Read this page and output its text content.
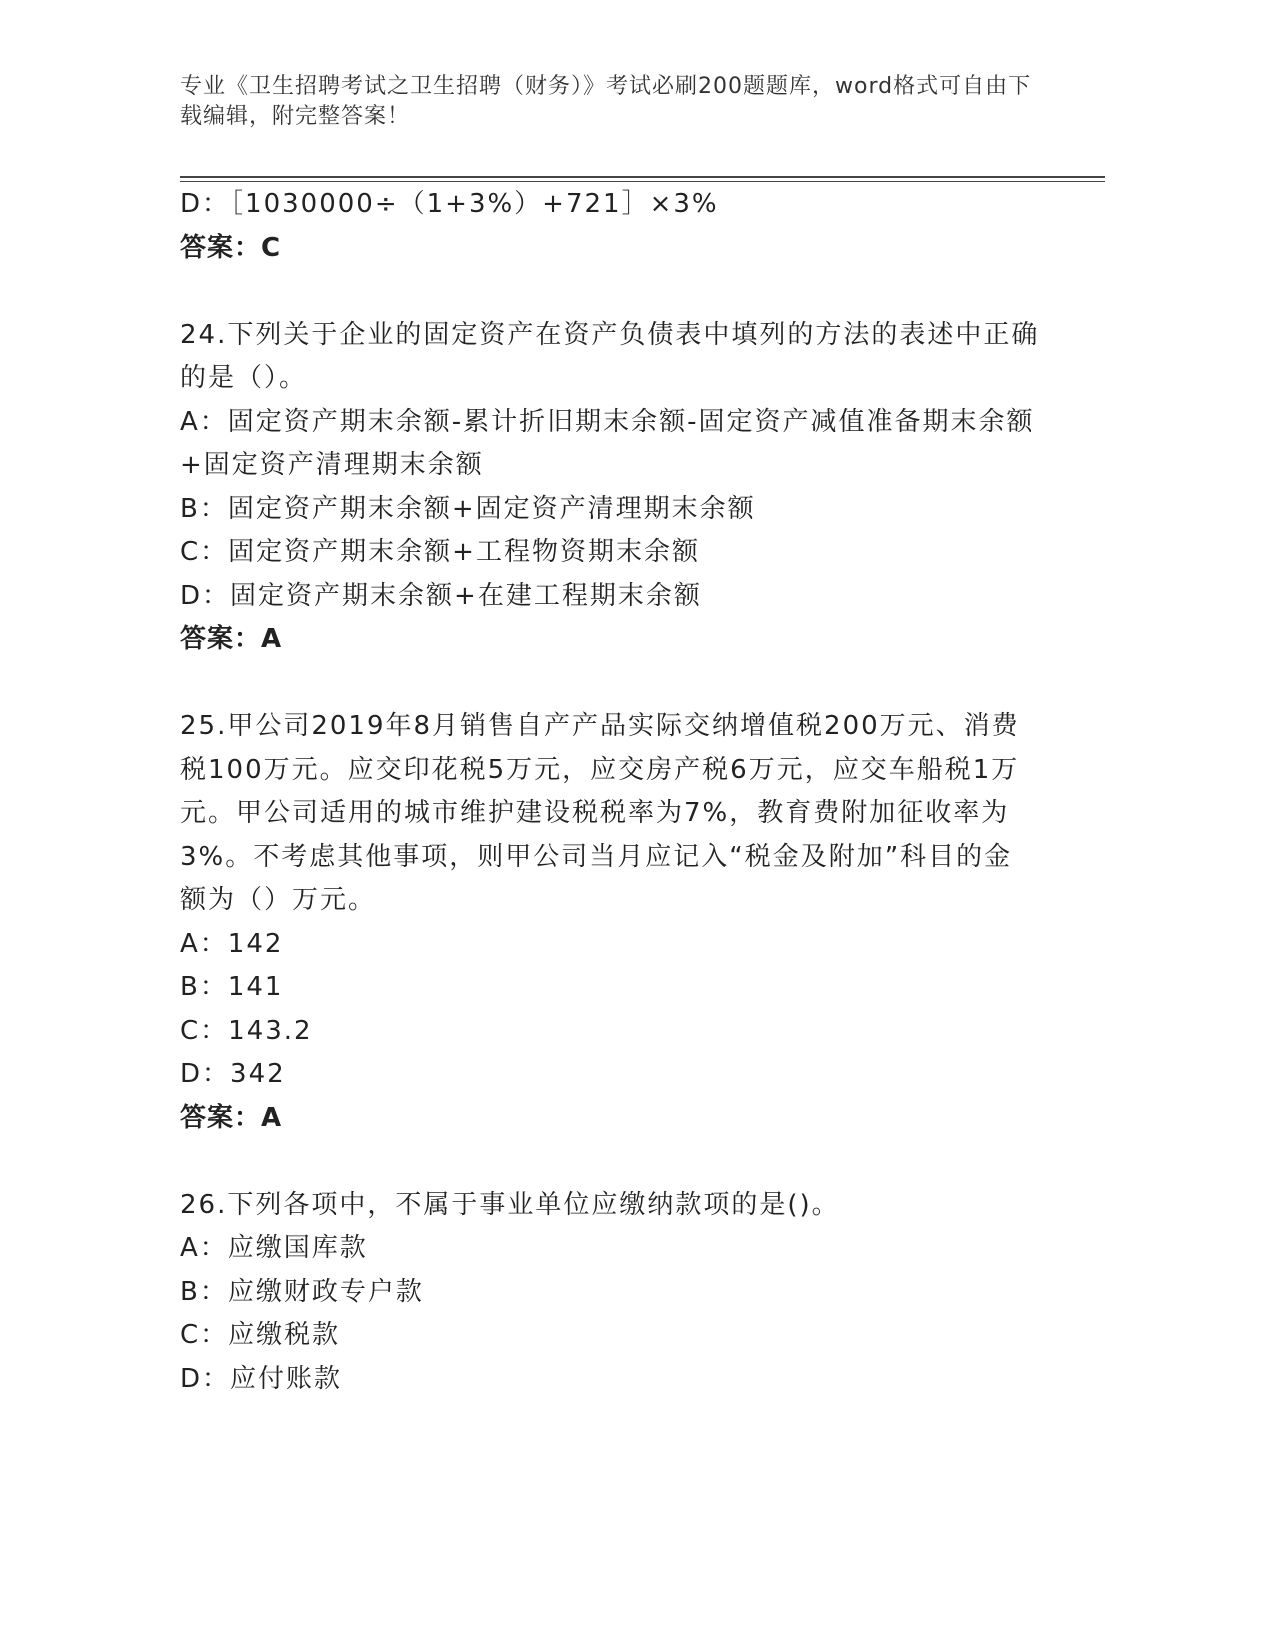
专业《卫生招聘考试之卫生招聘（财务）》考试必刷200题题库，word格式可自由下载编辑，附完整答案！
D：［1030000÷（1+3%）+721］×3%
答案：C
24.下列关于企业的固定资产在资产负债表中填列的方法的表述中正确的是（）。
A：固定资产期末余额-累计折旧期末余额-固定资产减值准备期末余额+固定资产清理期末余额
B：固定资产期末余额+固定资产清理期末余额
C：固定资产期末余额+工程物资期末余额
D：固定资产期末余额+在建工程期末余额
答案：A
25.甲公司2019年8月销售自产产品实际交纳增值税200万元、消费税100万元。应交印花税5万元，应交房产税6万元，应交车船税1万元。甲公司适用的城市维护建设税税率为7%，教育费附加征收率为3%。不考虑其他事项，则甲公司当月应记入“税金及附加”科目的金额为（）万元。
A：142
B：141
C：143.2
D：342
答案：A
26.下列各项中，不属于事业单位应缴纳款项的是()。
A：应缴国库款
B：应缴财政专户款
C：应缴税款
D：应付账款
